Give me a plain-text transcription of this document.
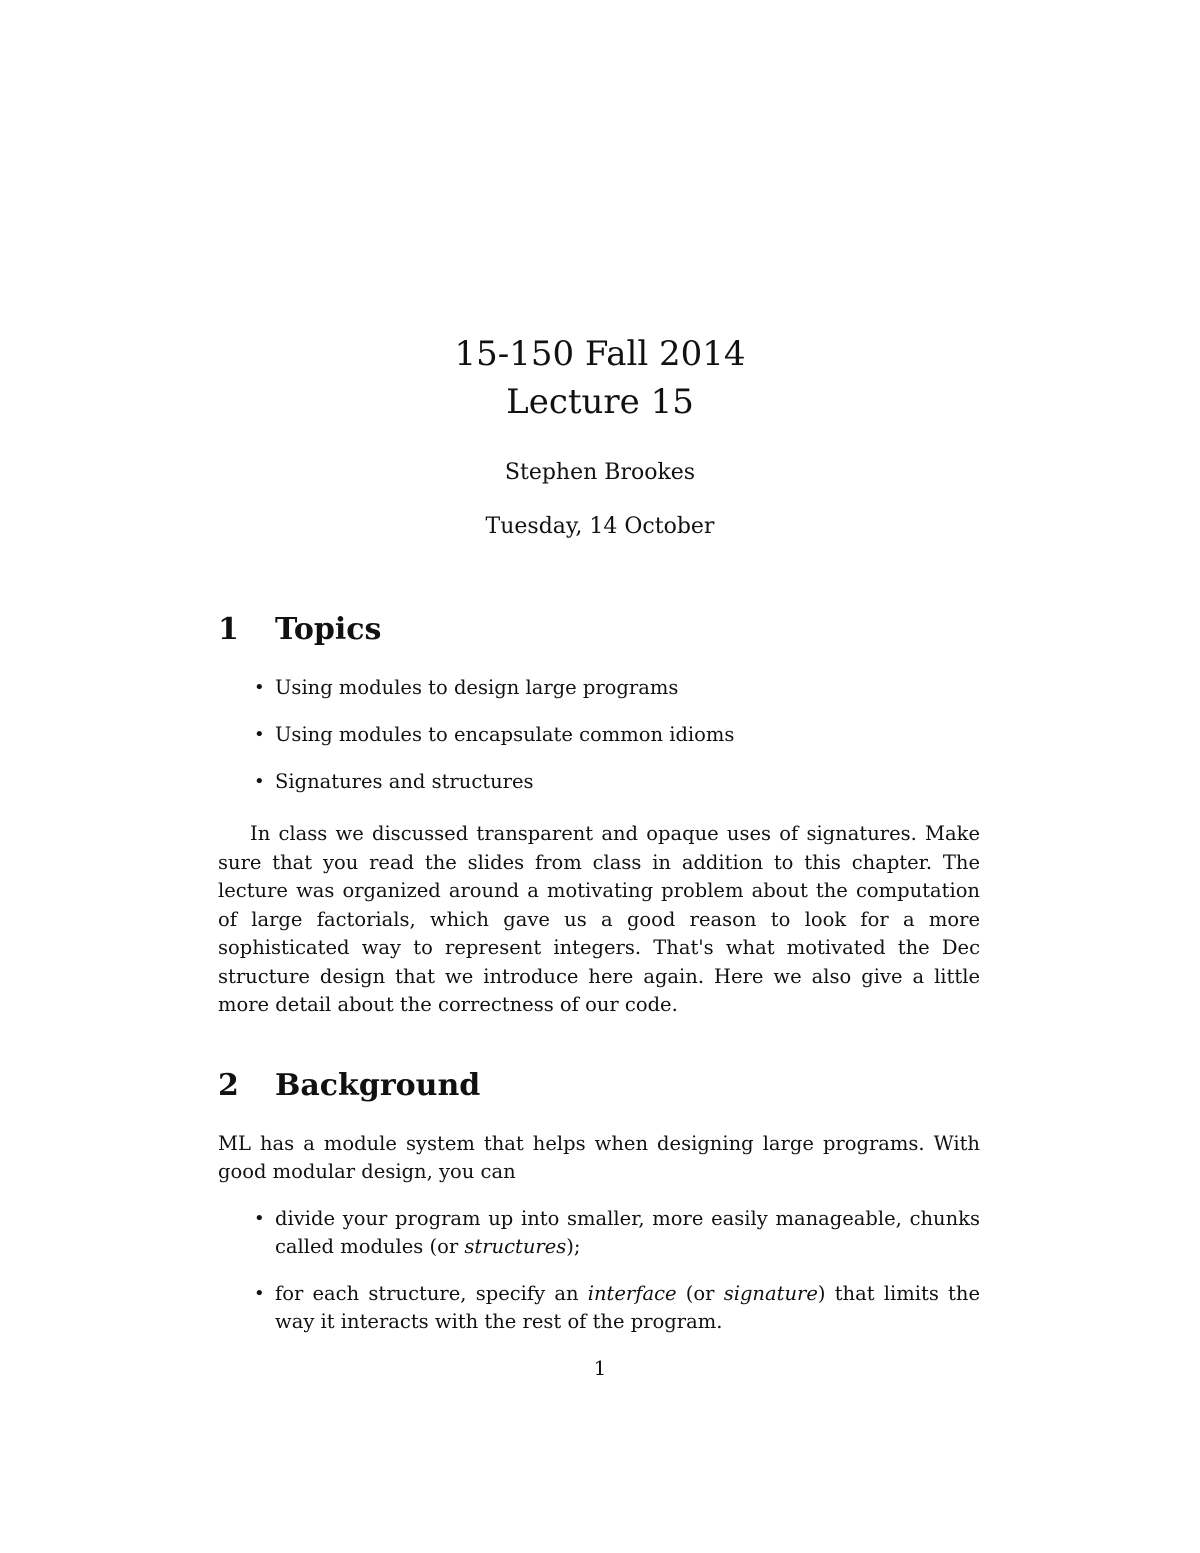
15-150 Fall 2014

Lecture 15

Stephen Brookes
Tuesday, 14 October
1	Topics
• Using modules to design large programs
• Using modules to encapsulate common idioms
• Signatures and structures

In class we discussed transparent and opaque uses of signatures. Make sure that you read the slides from class in addition to this chapter. The lecture was organized around a motivating problem about the computation of large factorials, which gave us a good reason to look for a more sophisticated way to represent integers. That's what motivated the Dec structure design that we introduce here again. Here we also give a little more detail about the correctness of our code.

2	Background

ML has a module system that helps when designing large programs. With good modular design, you can

• divide your program up into smaller, more easily manageable, chunks called modules (or structures);
• for each structure, specify an interface (or signature) that limits the way it interacts with the rest of the program.
1
